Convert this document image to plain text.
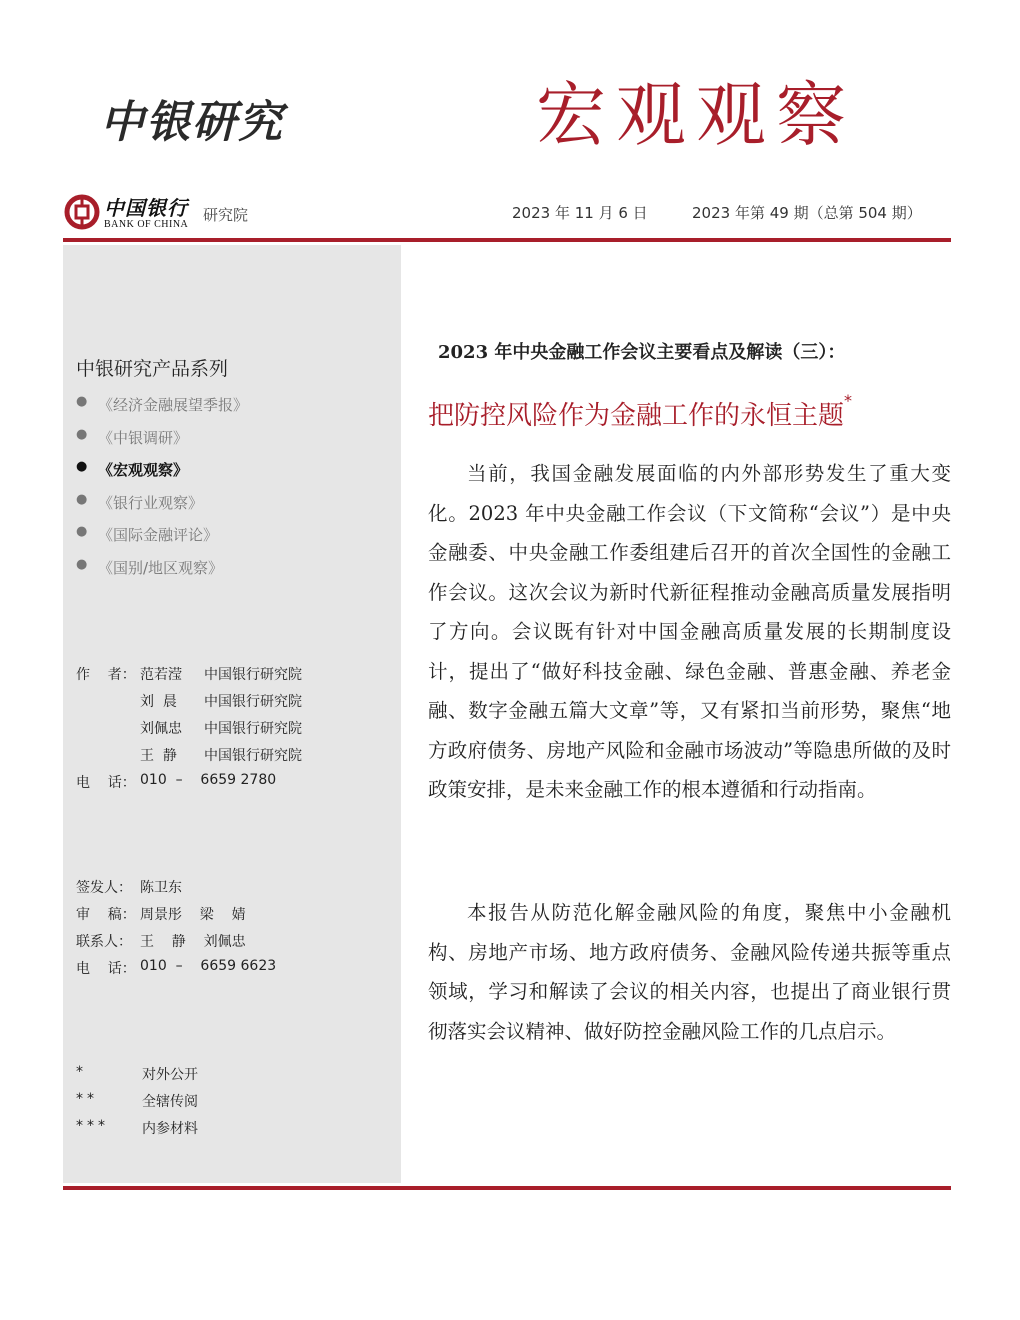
中银研究	宏观观察
中国银行
BANK OF CHINA
研究院	2023 年 11 月 6 日	2023 年第 49 期（总第 504 期）
中银研究产品系列
● 《经济金融展望季报》
● 《中银调研》
● 《宏观观察》
● 《银行业观察》
● 《国际金融评论》
● 《国别/地区观察》
作    者： 范若滢	中国银行研究院
刘  晨	中国银行研究院
刘佩忠	中国银行研究院
王  静	中国银行研究院
电    话： 010  –    6659 2780
签发人： 陈卫东
审    稿： 周景彤    梁    婧
联系人： 王    静    刘佩忠
电    话： 010  –    6659 6623
*	对外公开
**	全辖传阅
***	内参材料
2023 年中央金融工作会议主要看点及解读（三）：
把防控风险作为金融工作的永恒主题*

当前，我国金融发展面临的内外部形势发生了重大变化。2023 年中央金融工作会议（下文简称“会议”）是中央金融委、中央金融工作委组建后召开的首次全国性的金融工作会议。这次会议为新时代新征程推动金融高质量发展指明了方向。会议既有针对中国金融高质量发展的长期制度设计，提出了“做好科技金融、绿色金融、普惠金融、养老金融、数字金融五篇大文章”等，又有紧扣当前形势，聚焦“地方政府债务、房地产风险和金融市场波动”等隐患所做的及时政策安排，是未来金融工作的根本遵循和行动指南。

本报告从防范化解金融风险的角度，聚焦中小金融机构、房地产市场、地方政府债务、金融风险传递共振等重点领域，学习和解读了会议的相关内容，也提出了商业银行贯彻落实会议精神、做好防控金融风险工作的几点启示。
